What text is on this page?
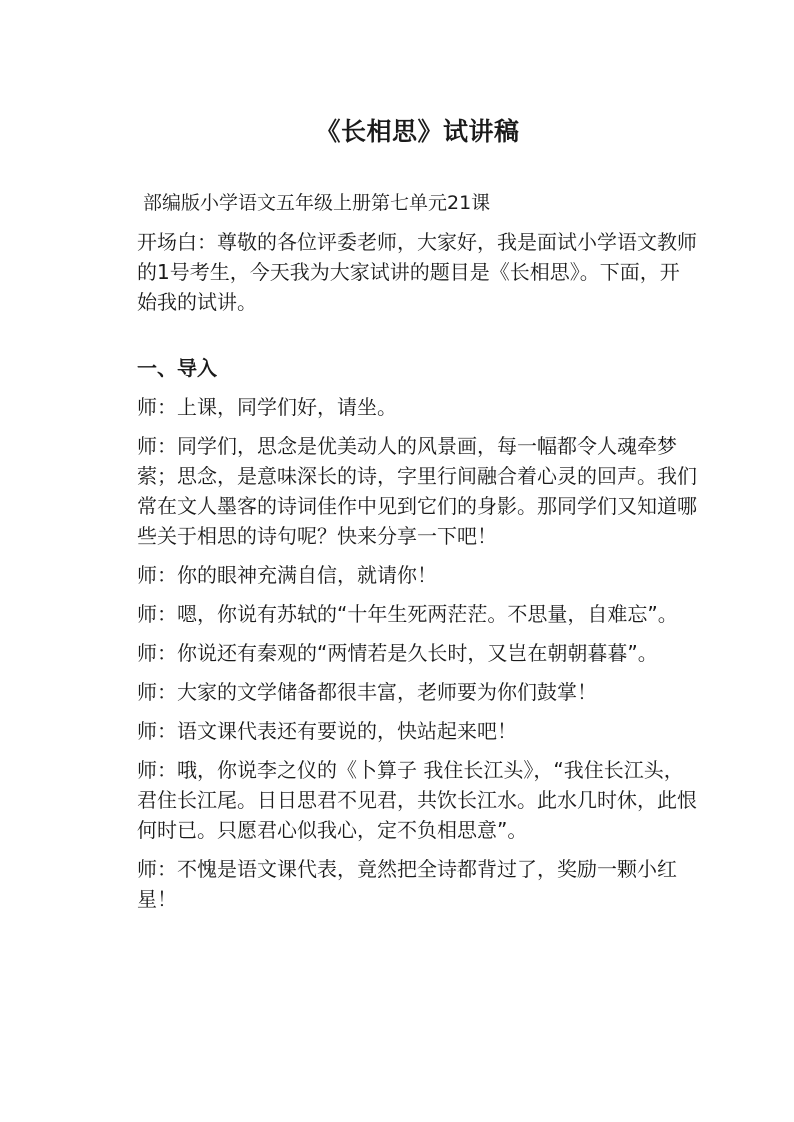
《长相思》试讲稿
部编版小学语文五年级上册第七单元21课
开场白：尊敬的各位评委老师，大家好，我是面试小学语文教师的1号考生，今天我为大家试讲的题目是《长相思》。下面，开始我的试讲。
一、导入
师：上课，同学们好，请坐。
师：同学们，思念是优美动人的风景画，每一幅都令人魂牵梦萦；思念，是意味深长的诗，字里行间融合着心灵的回声。我们常在文人墨客的诗词佳作中见到它们的身影。那同学们又知道哪些关于相思的诗句呢？快来分享一下吧！
师：你的眼神充满自信，就请你！
师：嗯，你说有苏轼的“十年生死两茫茫。不思量，自难忘”。
师：你说还有秦观的“两情若是久长时，又岂在朝朝暮暮”。
师：大家的文学储备都很丰富，老师要为你们鼓掌！
师：语文课代表还有要说的，快站起来吧！
师：哦，你说李之仪的《卜算子 我住长江头》，“我住长江头，君住长江尾。日日思君不见君，共饮长江水。此水几时休，此恨何时已。只愿君心似我心，定不负相思意”。
师：不愧是语文课代表，竟然把全诗都背过了，奖励一颗小红星！
